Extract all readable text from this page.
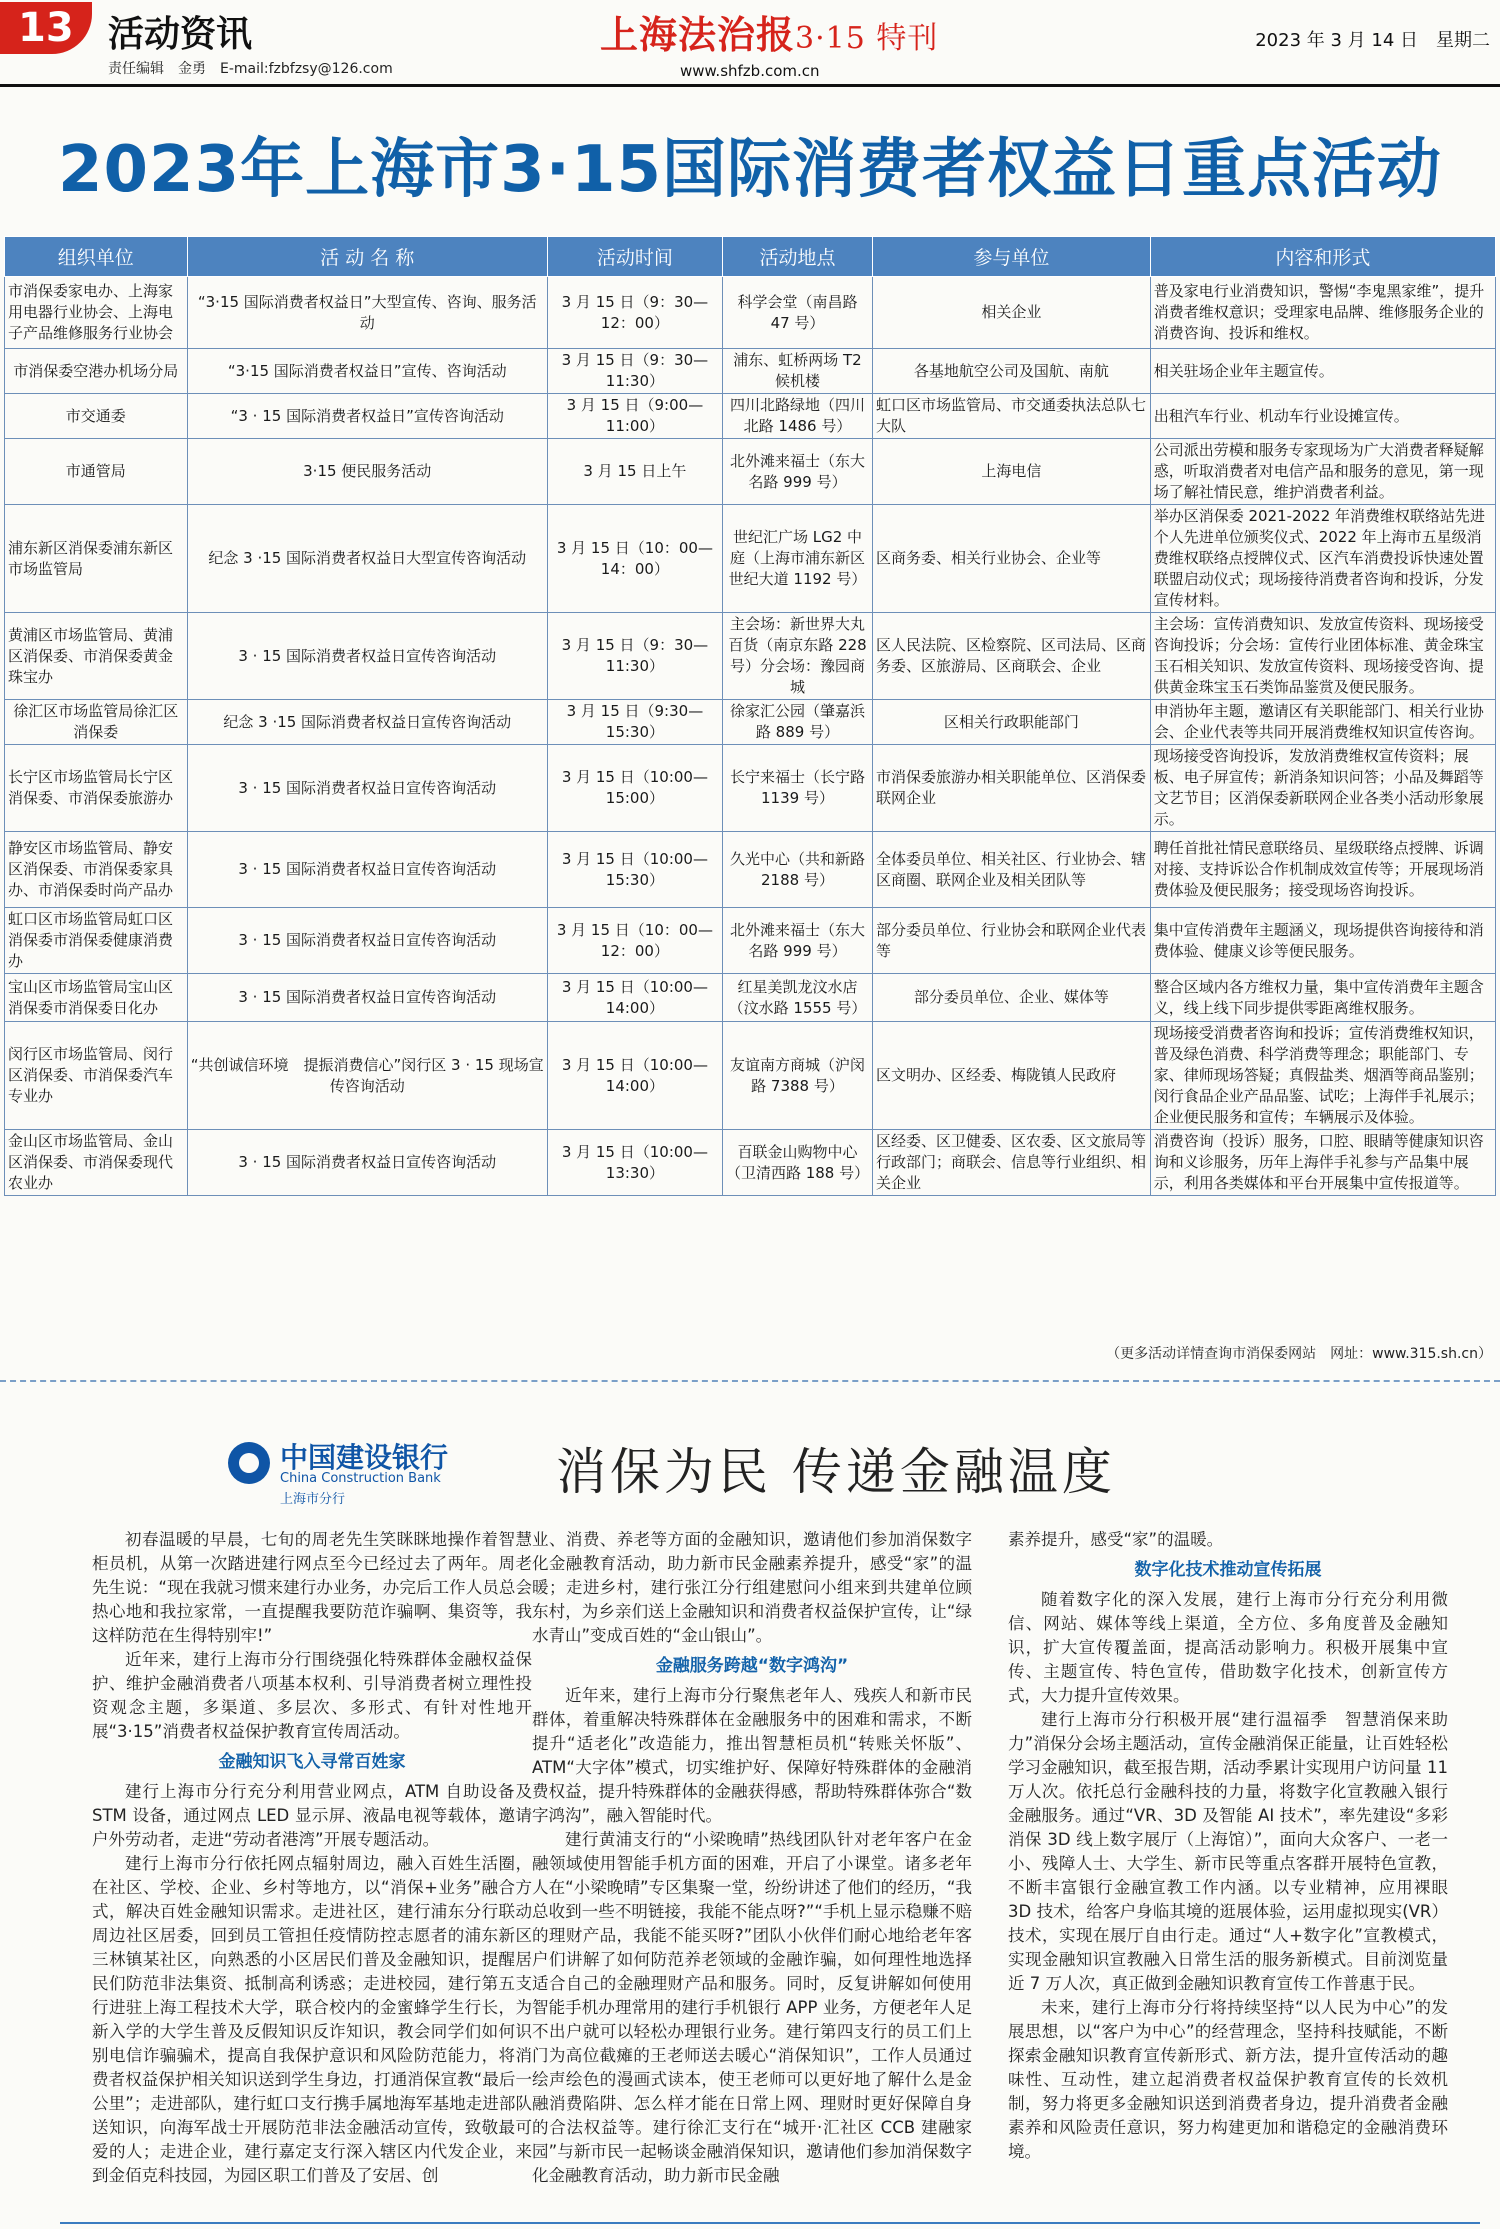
13 活动资讯
责任编辑　金勇　E-mail:fzbfzsy@126.com
上海法治报3·15 特刊
www.shfzb.com.cn
2023 年 3 月 14 日　星期二
2023年上海市3·15国际消费者权益日重点活动
组织单位	活 动 名 称	活动时间	活动地点	参与单位	内容和形式
市消保委家电办、上海家用电器行业协会、上海电子产品维修服务行业协会	“3·15 国际消费者权益日”大型宣传、咨询、服务活动	3 月 15 日（9：30—12：00）	科学会堂（南昌路 47 号）	相关企业	普及家电行业消费知识，警惕“李鬼黑家维”，提升消费者维权意识；受理家电品牌、维修服务企业的消费咨询、投诉和维权。
市消保委空港办机场分局	“3·15 国际消费者权益日”宣传、咨询活动	3 月 15 日（9：30—11:30）	浦东、虹桥两场 T2 候机楼	各基地航空公司及国航、南航	相关驻场企业年主题宣传。
市交通委	“3 · 15 国际消费者权益日”宣传咨询活动	3 月 15 日（9:00—11:00）	四川北路绿地（四川北路 1486 号）	虹口区市场监管局、市交通委执法总队七大队	出租汽车行业、机动车行业设摊宣传。
市通管局	3·15 便民服务活动	3 月 15 日上午	北外滩来福士（东大名路 999 号）	上海电信	公司派出劳模和服务专家现场为广大消费者释疑解惑，听取消费者对电信产品和服务的意见，第一现场了解社情民意，维护消费者利益。
浦东新区消保委浦东新区市场监管局	纪念 3 ·15 国际消费者权益日大型宣传咨询活动	3 月 15 日（10：00—14：00）	世纪汇广场 LG2 中庭（上海市浦东新区世纪大道 1192 号）	区商务委、相关行业协会、企业等	举办区消保委 2021-2022 年消费维权联络站先进个人先进单位颁奖仪式、2022 年上海市五星级消费维权联络点授牌仪式、区汽车消费投诉快速处置联盟启动仪式；现场接待消费者咨询和投诉，分发宣传材料。
黄浦区市场监管局、黄浦区消保委、市消保委黄金珠宝办	3 · 15 国际消费者权益日宣传咨询活动	3 月 15 日（9：30—11:30）	主会场：新世界大丸百货（南京东路 228 号）分会场：豫园商城	区人民法院、区检察院、区司法局、区商务委、区旅游局、区商联会、企业	主会场：宣传消费知识、发放宣传资料、现场接受咨询投诉；分会场：宣传行业团体标准、黄金珠宝玉石相关知识、发放宣传资料、现场接受咨询、提供黄金珠宝玉石类饰品鉴赏及便民服务。
徐汇区市场监管局徐汇区消保委	纪念 3 ·15 国际消费者权益日宣传咨询活动	3 月 15 日（9:30—15:30）	徐家汇公园（肇嘉浜路 889 号）	区相关行政职能部门	申消协年主题，邀请区有关职能部门、相关行业协会、企业代表等共同开展消费维权知识宣传咨询。
长宁区市场监管局长宁区消保委、市消保委旅游办	3 · 15 国际消费者权益日宣传咨询活动	3 月 15 日（10:00—15:00）	长宁来福士（长宁路 1139 号）	市消保委旅游办相关职能单位、区消保委联网企业	现场接受咨询投诉，发放消费维权宣传资料；展板、电子屏宣传；新消条知识问答；小品及舞蹈等文艺节目；区消保委新联网企业各类小活动形象展示。
静安区市场监管局、静安区消保委、市消保委家具办、市消保委时尚产品办	3 · 15 国际消费者权益日宣传咨询活动	3 月 15 日（10:00—15:30）	久光中心（共和新路 2188 号）	全体委员单位、相关社区、行业协会、辖区商圈、联网企业及相关团队等	聘任首批社情民意联络员、星级联络点授牌、诉调对接、支持诉讼合作机制成效宣传等；开展现场消费体验及便民服务；接受现场咨询投诉。
虹口区市场监管局虹口区消保委市消保委健康消费办	3 · 15 国际消费者权益日宣传咨询活动	3 月 15 日（10：00—12：00）	北外滩来福士（东大名路 999 号）	部分委员单位、行业协会和联网企业代表等	集中宣传消费年主题涵义，现场提供咨询接待和消费体验、健康义诊等便民服务。
宝山区市场监管局宝山区消保委市消保委日化办	3 · 15 国际消费者权益日宣传咨询活动	3 月 15 日（10:00—14:00）	红星美凯龙汶水店（汶水路 1555 号）	部分委员单位、企业、媒体等	整合区域内各方维权力量，集中宣传消费年主题含义，线上线下同步提供零距离维权服务。
闵行区市场监管局、闵行区消保委、市消保委汽车专业办	“共创诚信环境　提振消费信心”闵行区 3 · 15 现场宣传咨询活动	3 月 15 日（10:00—14:00）	友谊南方商城（沪闵路 7388 号）	区文明办、区经委、梅陇镇人民政府	现场接受消费者咨询和投诉；宣传消费维权知识，普及绿色消费、科学消费等理念；职能部门、专家、律师现场答疑；真假盐类、烟酒等商品鉴别；闵行食品企业产品品鉴、试吃；上海伴手礼展示；企业便民服务和宣传；车辆展示及体验。
金山区市场监管局、金山区消保委、市消保委现代农业办	3 · 15 国际消费者权益日宣传咨询活动	3 月 15 日（10:00—13:30）	百联金山购物中心（卫清西路 188 号）	区经委、区卫健委、区农委、区文旅局等行政部门；商联会、信息等行业组织、相关企业	消费咨询（投诉）服务，口腔、眼睛等健康知识咨询和义诊服务，历年上海伴手礼参与产品集中展示，利用各类媒体和平台开展集中宣传报道等。
（更多活动详情查询市消保委网站　网址：www.315.sh.cn）
中国建设银行
China Construction Bank
上海市分行	消保为民 传递金融温度

初春温暖的早晨，七旬的周老先生笑眯眯地操作着智慧柜员机，从第一次踏进建行网点至今已经过去了两年。周老先生说：“现在我就习惯来建行办业务，办完后工作人员总会热心地和我拉家常，一直提醒我要防范诈骗啊、集资等，我这样防范在生得特别牢!”

近年来，建行上海市分行围绕强化特殊群体金融权益保护、维护金融消费者八项基本权利、引导消费者树立理性投资观念主题，多渠道、多层次、多形式、有针对性地开展“3·15”消费者权益保护教育宣传周活动。

金融知识飞入寻常百姓家

建行上海市分行充分利用营业网点，ATM 自助设备及 STM 设备，通过网点 LED 显示屏、液晶电视等载体，邀请户外劳动者，走进“劳动者港湾”开展专题活动。

建行上海市分行依托网点辐射周边，融入百姓生活圈，在社区、学校、企业、乡村等地方，以“消保+业务”融合方式，解决百姓金融知识需求。走进社区，建行浦东分行联动周边社区居委，回到员工管担任疫情防控志愿者的浦东新区三林镇某社区，向熟悉的小区居民们普及金融知识，提醒居民们防范非法集资、抵制高利诱惑；走进校园，建行第五支行进驻上海工程技术大学，联合校内的金蜜蜂学生行长，为新入学的大学生普及反假知识反诈知识，教会同学们如何识别电信诈骗骗术，提高自我保护意识和风险防范能力，将消费者权益保护相关知识送到学生身边，打通消保宣教“最后一公里”；走进部队，建行虹口支行携手属地海军基地走进部队送知识，向海军战士开展防范非法金融活动宣传，致敬最可爱的人；走进企业，建行嘉定支行深入辖区内代发企业，来到金佰克科技园，为园区职工们普及了安居、创

业、消费、养老等方面的金融知识，邀请他们参加消保数字化金融教育活动，助力新市民金融素养提升，感受“家”的温暖；走进乡村，建行张江分行组建慰问小组来到共建单位顾东村，为乡亲们送上金融知识和消费者权益保护宣传，让“绿水青山”变成百姓的“金山银山”。

金融服务跨越“数字鸿沟”

近年来，建行上海市分行聚焦老年人、残疾人和新市民群体，着重解决特殊群体在金融服务中的困难和需求，不断提升“适老化”改造能力，推出智慧柜员机“转账关怀版”、ATM“大字体”模式，切实维护好、保障好特殊群体的金融消费权益，提升特殊群体的金融获得感，帮助特殊群体弥合“数字鸿沟”，融入智能时代。

建行黄浦支行的“小梁晚晴”热线团队针对老年客户在金融领域使用智能手机方面的困难，开启了小课堂。诸多老年人在“小梁晚晴”专区集聚一堂，纷纷讲述了他们的经历，“我总收到一些不明链接，我能不能点呀?”“手机上显示稳赚不赔的理财产品，我能不能买呀?”团队小伙伴们耐心地给老年客户们讲解了如何防范养老领域的金融诈骗，如何理性地选择适合自己的金融理财产品和服务。同时，反复讲解如何使用智能手机办理常用的建行手机银行 APP 业务，方便老年人足不出户就可以轻松办理银行业务。建行第四支行的员工们上门为高位截瘫的王老师送去暖心“消保知识”，工作人员通过绘声绘色的漫画式读本，使王老师可以更好地了解什么是金融消费陷阱、怎么样才能在日常上网、理财时更好保障自身的合法权益等。建行徐汇支行在“城开·汇社区 CCB 建融家园”与新市民一起畅谈金融消保知识，邀请他们参加消保数字化金融教育活动，助力新市民金融

素养提升，感受“家”的温暖。

数字化技术推动宣传拓展

随着数字化的深入发展，建行上海市分行充分利用微信、网站、媒体等线上渠道，全方位、多角度普及金融知识，扩大宣传覆盖面，提高活动影响力。积极开展集中宣传、主题宣传、特色宣传，借助数字化技术，创新宣传方式，大力提升宣传效果。

建行上海市分行积极开展“建行温福季　智慧消保来助力”消保分会场主题活动，宣传金融消保正能量，让百姓轻松学习金融知识，截至报告期，活动季累计实现用户访问量 11 万人次。依托总行金融科技的力量，将数字化宣教融入银行金融服务。通过“VR、3D 及智能 AI 技术”，率先建设“多彩消保 3D 线上数字展厅（上海馆）”，面向大众客户、一老一小、残障人士、大学生、新市民等重点客群开展特色宣教，不断丰富银行金融宣教工作内涵。以专业精神，应用裸眼 3D 技术，给客户身临其境的逛展体验，运用虚拟现实(VR）技术，实现在展厅自由行走。通过“人+数字化”宣教模式，实现金融知识宣教融入日常生活的服务新模式。目前浏览量近 7 万人次，真正做到金融知识教育宣传工作普惠于民。

未来，建行上海市分行将持续坚持“以人民为中心”的发展思想，以“客户为中心”的经营理念，坚持科技赋能，不断探索金融知识教育宣传新形式、新方法，提升宣传活动的趣味性、互动性，建立起消费者权益保护教育宣传的长效机制，努力将更多金融知识送到消费者身边，提升消费者金融素养和风险责任意识，努力构建更加和谐稳定的金融消费环境。
